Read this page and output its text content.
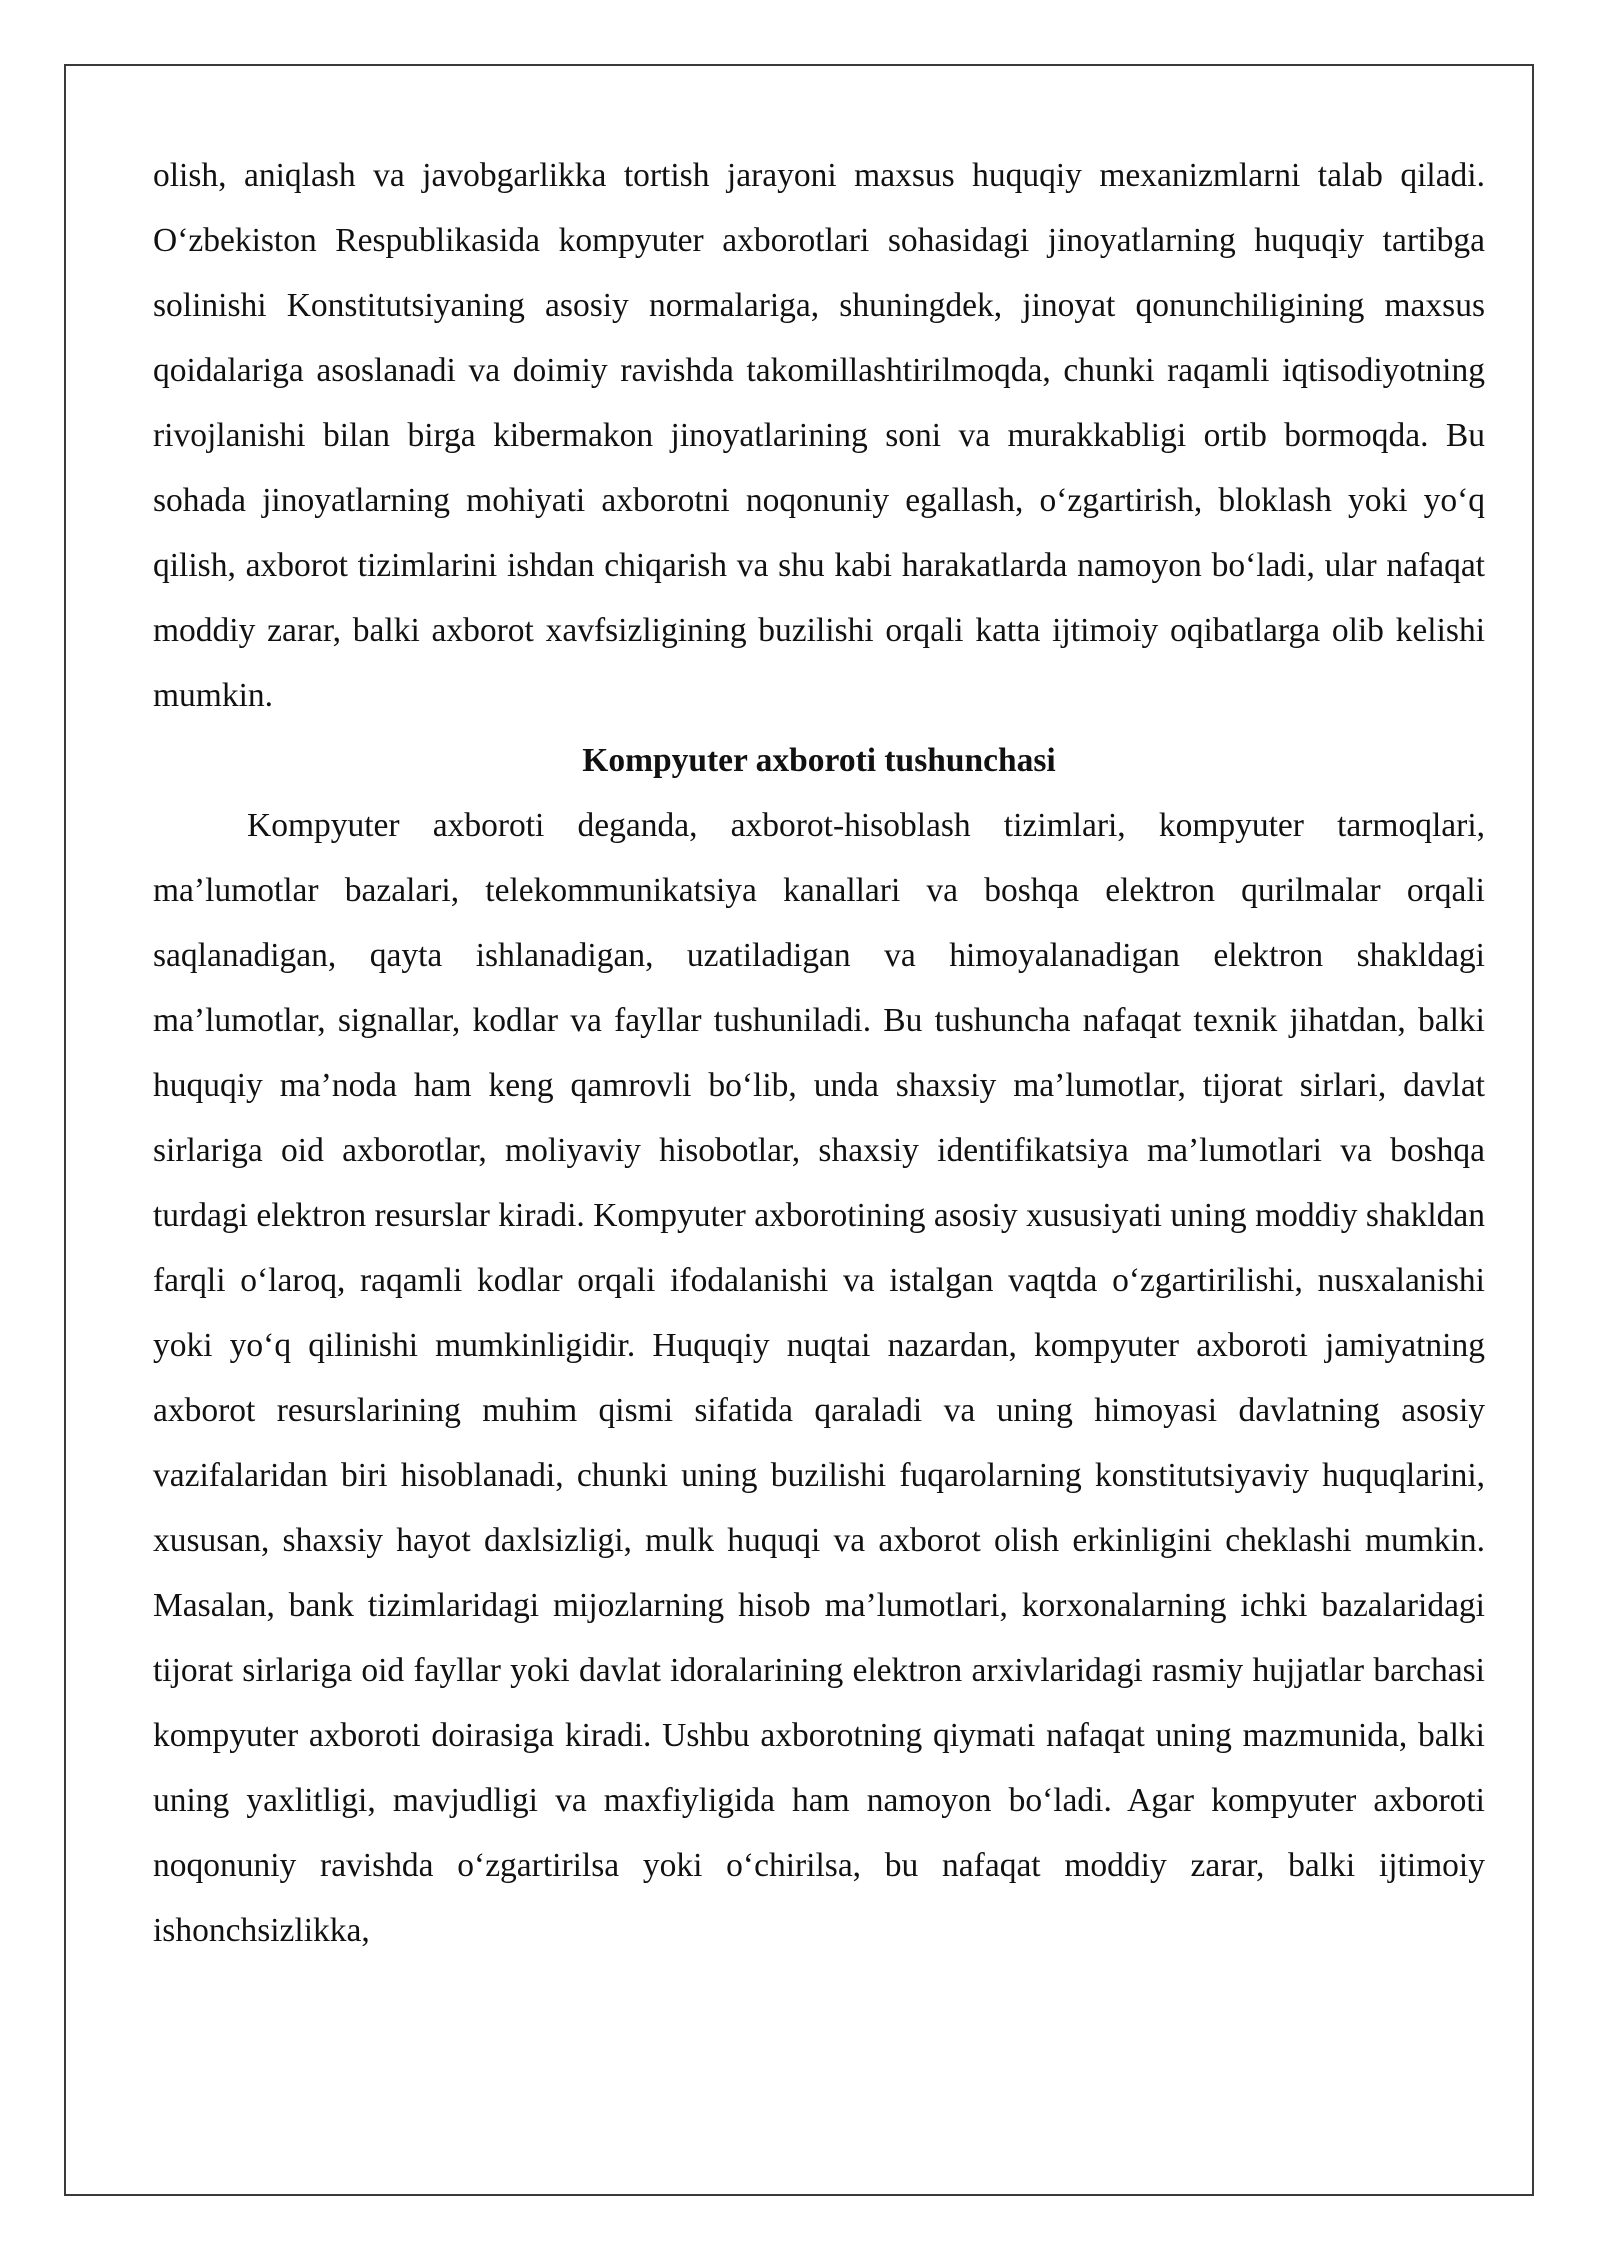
olish, aniqlash va javobgarlikka tortish jarayoni maxsus huquqiy mexanizmlarni talab qiladi. O‘zbekiston Respublikasida kompyuter axborotlari sohasidagi jinoyatlarning huquqiy tartibga solinishi Konstitutsiyaning asosiy normalariga, shuningdek, jinoyat qonunchiligining maxsus qoidalariga asoslanadi va doimiy ravishda takomillashtirilmoqda, chunki raqamli iqtisodiyotning rivojlanishi bilan birga kibermakon jinoyatlarining soni va murakkabligi ortib bormoqda. Bu sohada jinoyatlarning mohiyati axborotni noqonuniy egallash, o‘zgartirish, bloklash yoki yo‘q qilish, axborot tizimlarini ishdan chiqarish va shu kabi harakatlarda namoyon bo‘ladi, ular nafaqat moddiy zarar, balki axborot xavfsizligining buzilishi orqali katta ijtimoiy oqibatlarga olib kelishi mumkin.

Kompyuter axboroti tushunchasi

Kompyuter axboroti deganda, axborot-hisoblash tizimlari, kompyuter tarmoqlari, ma’lumotlar bazalari, telekommunikatsiya kanallari va boshqa elektron qurilmalar orqali saqlanadigan, qayta ishlanadigan, uzatiladigan va himoyalanadigan elektron shakldagi ma’lumotlar, signallar, kodlar va fayllar tushuniladi. Bu tushuncha nafaqat texnik jihatdan, balki huquqiy ma’noda ham keng qamrovli bo‘lib, unda shaxsiy ma’lumotlar, tijorat sirlari, davlat sirlariga oid axborotlar, moliyaviy hisobotlar, shaxsiy identifikatsiya ma’lumotlari va boshqa turdagi elektron resurslar kiradi. Kompyuter axborotining asosiy xususiyati uning moddiy shakldan farqli o‘laroq, raqamli kodlar orqali ifodalanishi va istalgan vaqtda o‘zgartirilishi, nusxalanishi yoki yo‘q qilinishi mumkinligidir. Huquqiy nuqtai nazardan, kompyuter axboroti jamiyatning axborot resurslarining muhim qismi sifatida qaraladi va uning himoyasi davlatning asosiy vazifalaridan biri hisoblanadi, chunki uning buzilishi fuqarolarning konstitutsiyaviy huquqlarini, xususan, shaxsiy hayot daxlsizligi, mulk huquqi va axborot olish erkinligini cheklashi mumkin. Masalan, bank tizimlaridagi mijozlarning hisob ma’lumotlari, korxonalarning ichki bazalaridagi tijorat sirlariga oid fayllar yoki davlat idoralarining elektron arxivlaridagi rasmiy hujjatlar barchasi kompyuter axboroti doirasiga kiradi. Ushbu axborotning qiymati nafaqat uning mazmunida, balki uning yaxlitligi, mavjudligi va maxfiyligida ham namoyon bo‘ladi. Agar kompyuter axboroti noqonuniy ravishda o‘zgartirilsa yoki o‘chirilsa, bu nafaqat moddiy zarar, balki ijtimoiy ishonchsizlikka,
